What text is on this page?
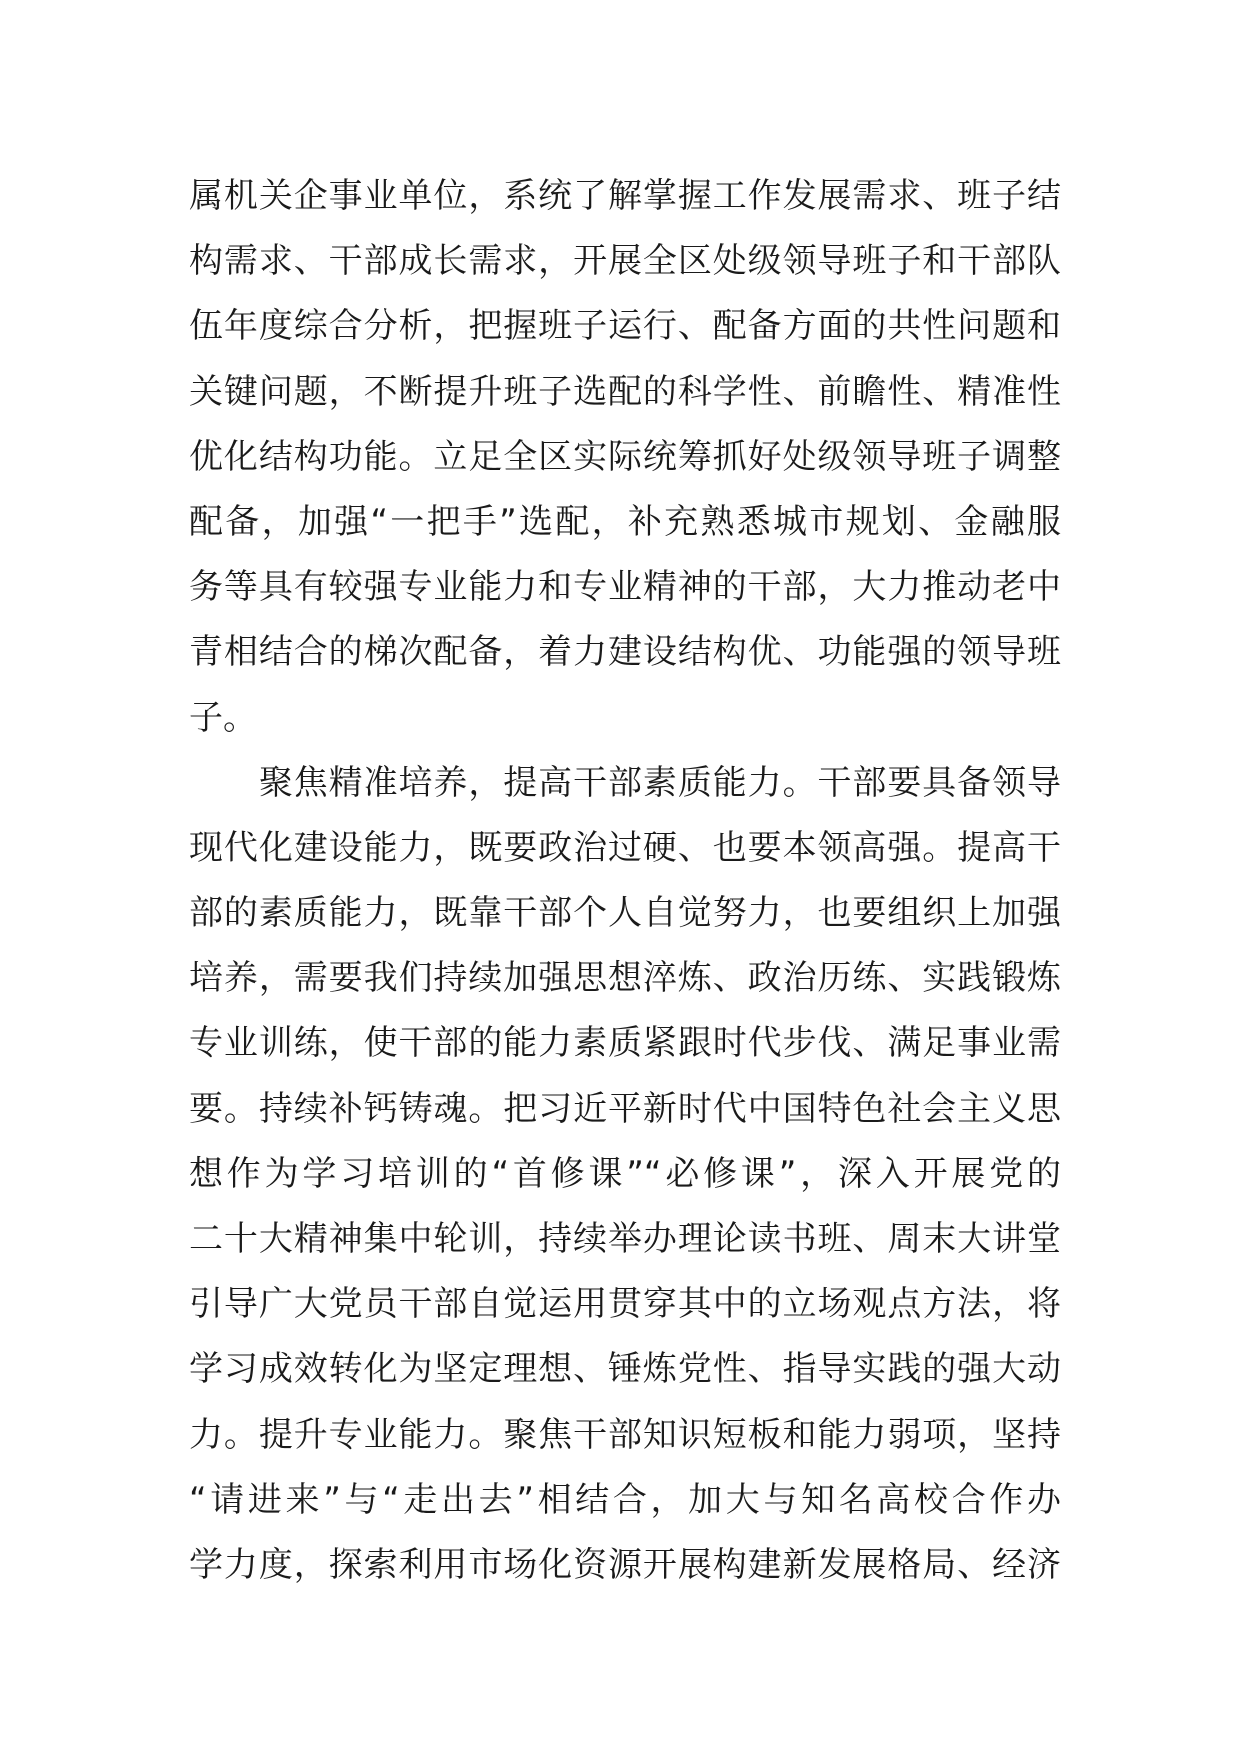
属机关企事业单位，系统了解掌握工作发展需求、班子结
构需求、干部成长需求，开展全区处级领导班子和干部队
伍年度综合分析，把握班子运行、配备方面的共性问题和
关键问题，不断提升班子选配的科学性、前瞻性、精准性
优化结构功能。立足全区实际统筹抓好处级领导班子调整
配备，加强“一把手”选配，补充熟悉城市规划、金融服
务等具有较强专业能力和专业精神的干部，大力推动老中
青相结合的梯次配备，着力建设结构优、功能强的领导班
子。
　　聚焦精准培养，提高干部素质能力。干部要具备领导
现代化建设能力，既要政治过硬、也要本领高强。提高干
部的素质能力，既靠干部个人自觉努力，也要组织上加强
培养，需要我们持续加强思想淬炼、政治历练、实践锻炼
专业训练，使干部的能力素质紧跟时代步伐、满足事业需
要。持续补钙铸魂。把习近平新时代中国特色社会主义思
想作为学习培训的“首修课”“必修课”，深入开展党的
二十大精神集中轮训，持续举办理论读书班、周末大讲堂
引导广大党员干部自觉运用贯穿其中的立场观点方法，将
学习成效转化为坚定理想、锤炼党性、指导实践的强大动
力。提升专业能力。聚焦干部知识短板和能力弱项，坚持
“请进来”与“走出去”相结合，加大与知名高校合作办
学力度，探索利用市场化资源开展构建新发展格局、经济
